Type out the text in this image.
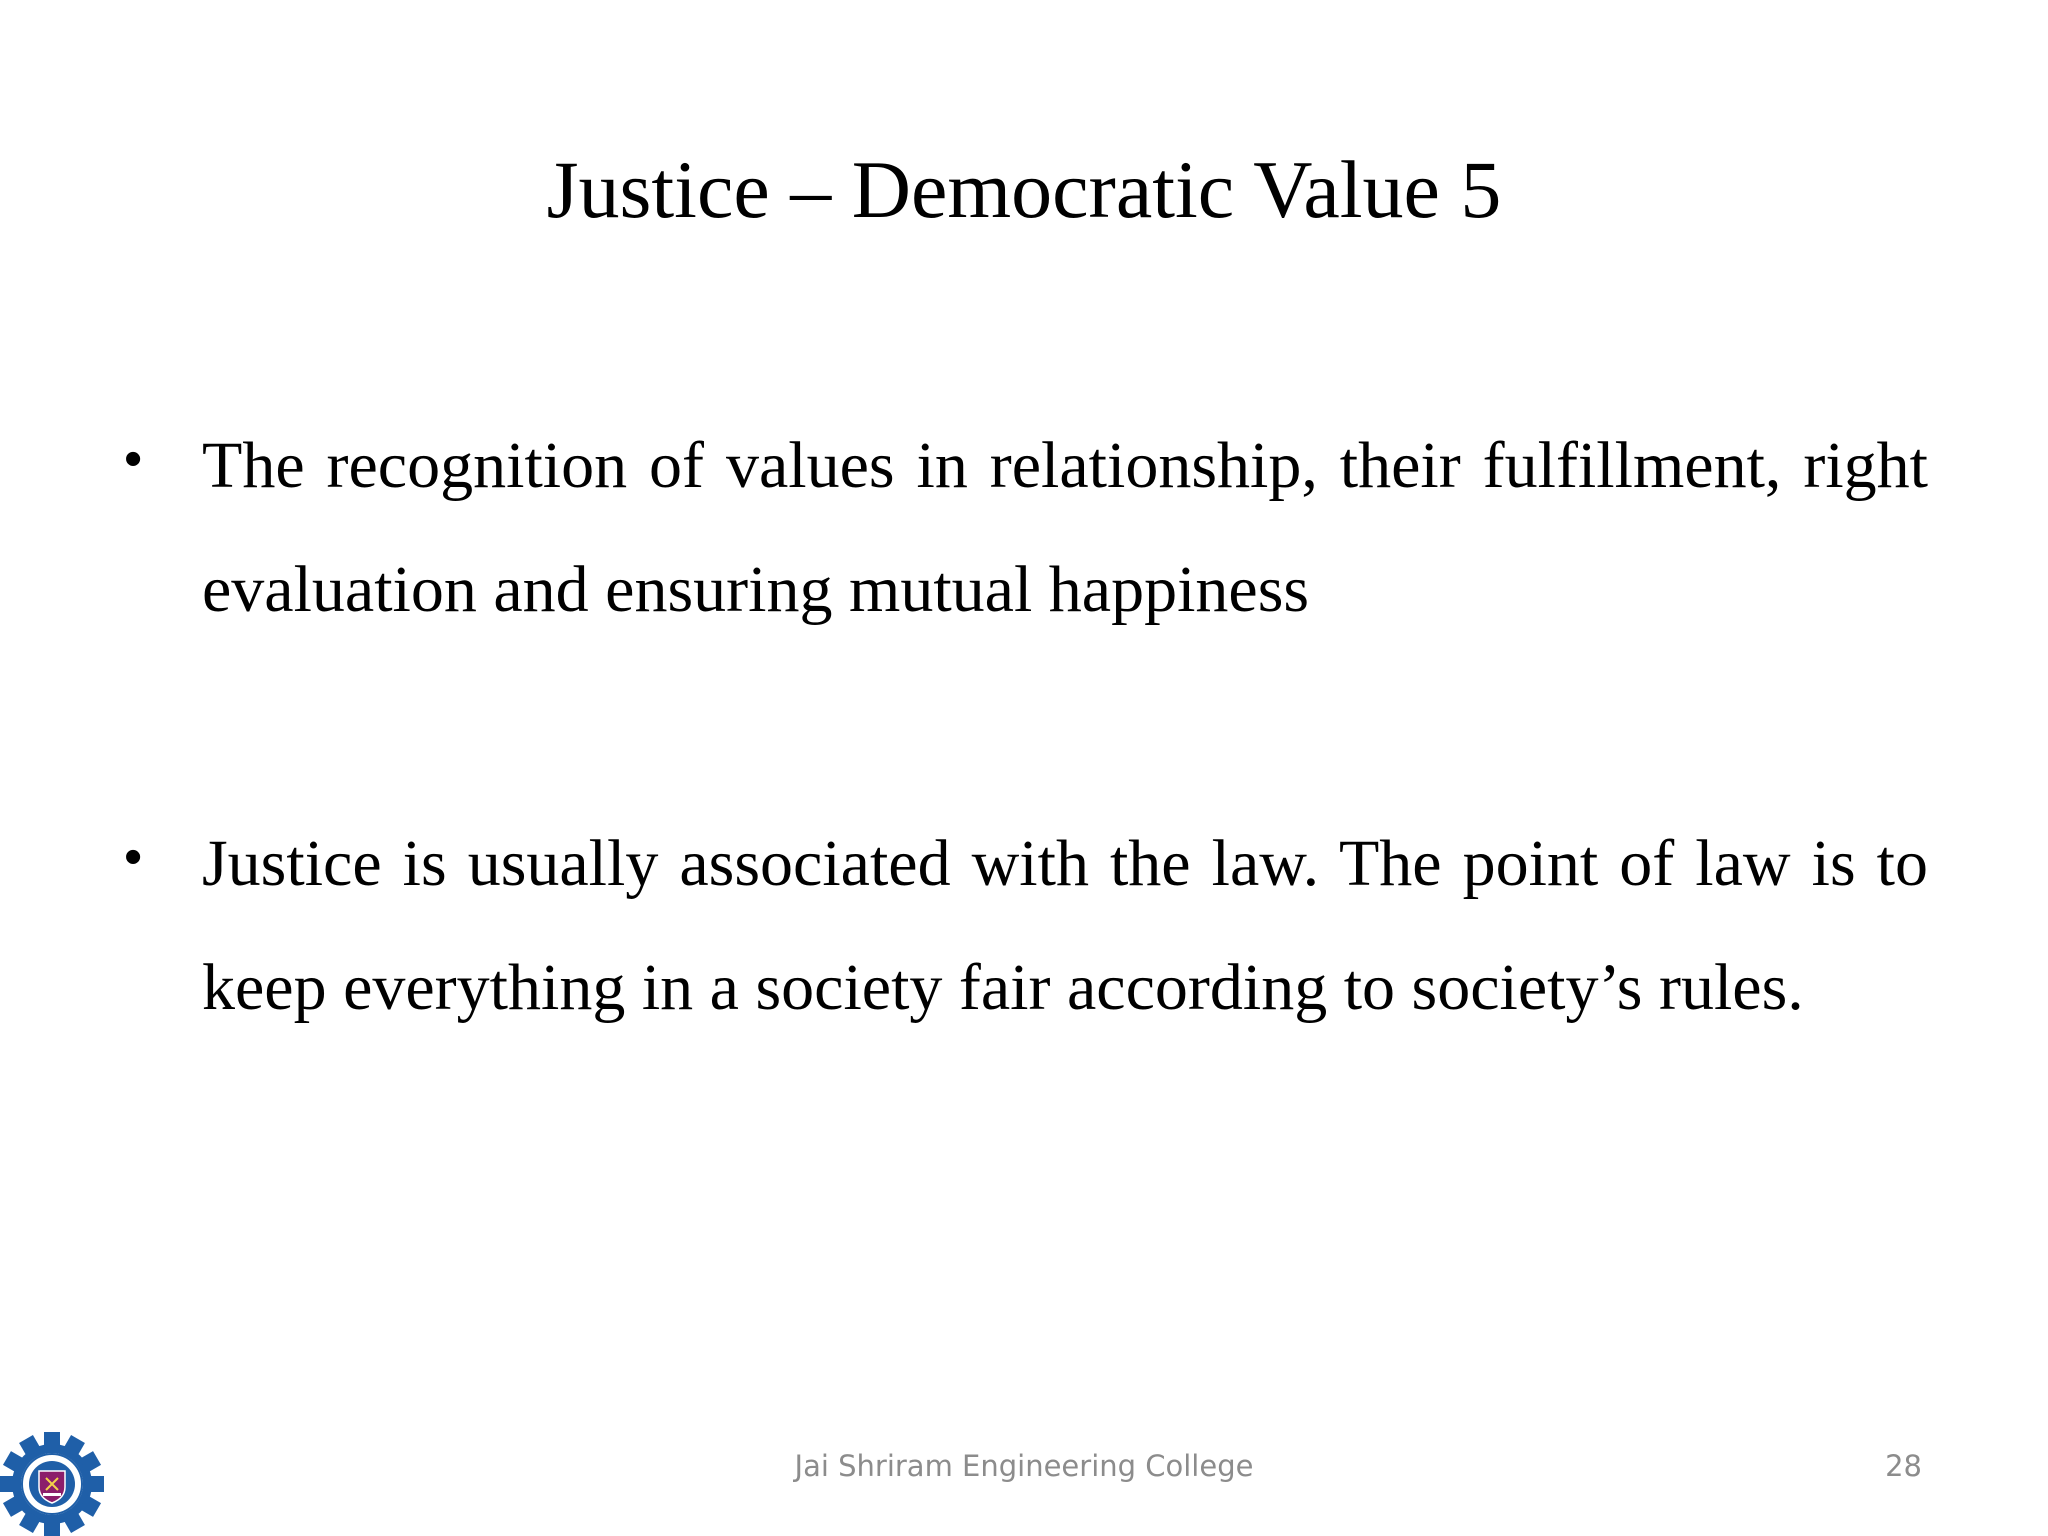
Justice – Democratic Value 5
• The recognition of values in relationship, their fulfillment, right evaluation and ensuring mutual happiness
• Justice is usually associated with the law. The point of law is to keep everything in a society fair according to society’s rules.
Jai Shriram Engineering College	28
